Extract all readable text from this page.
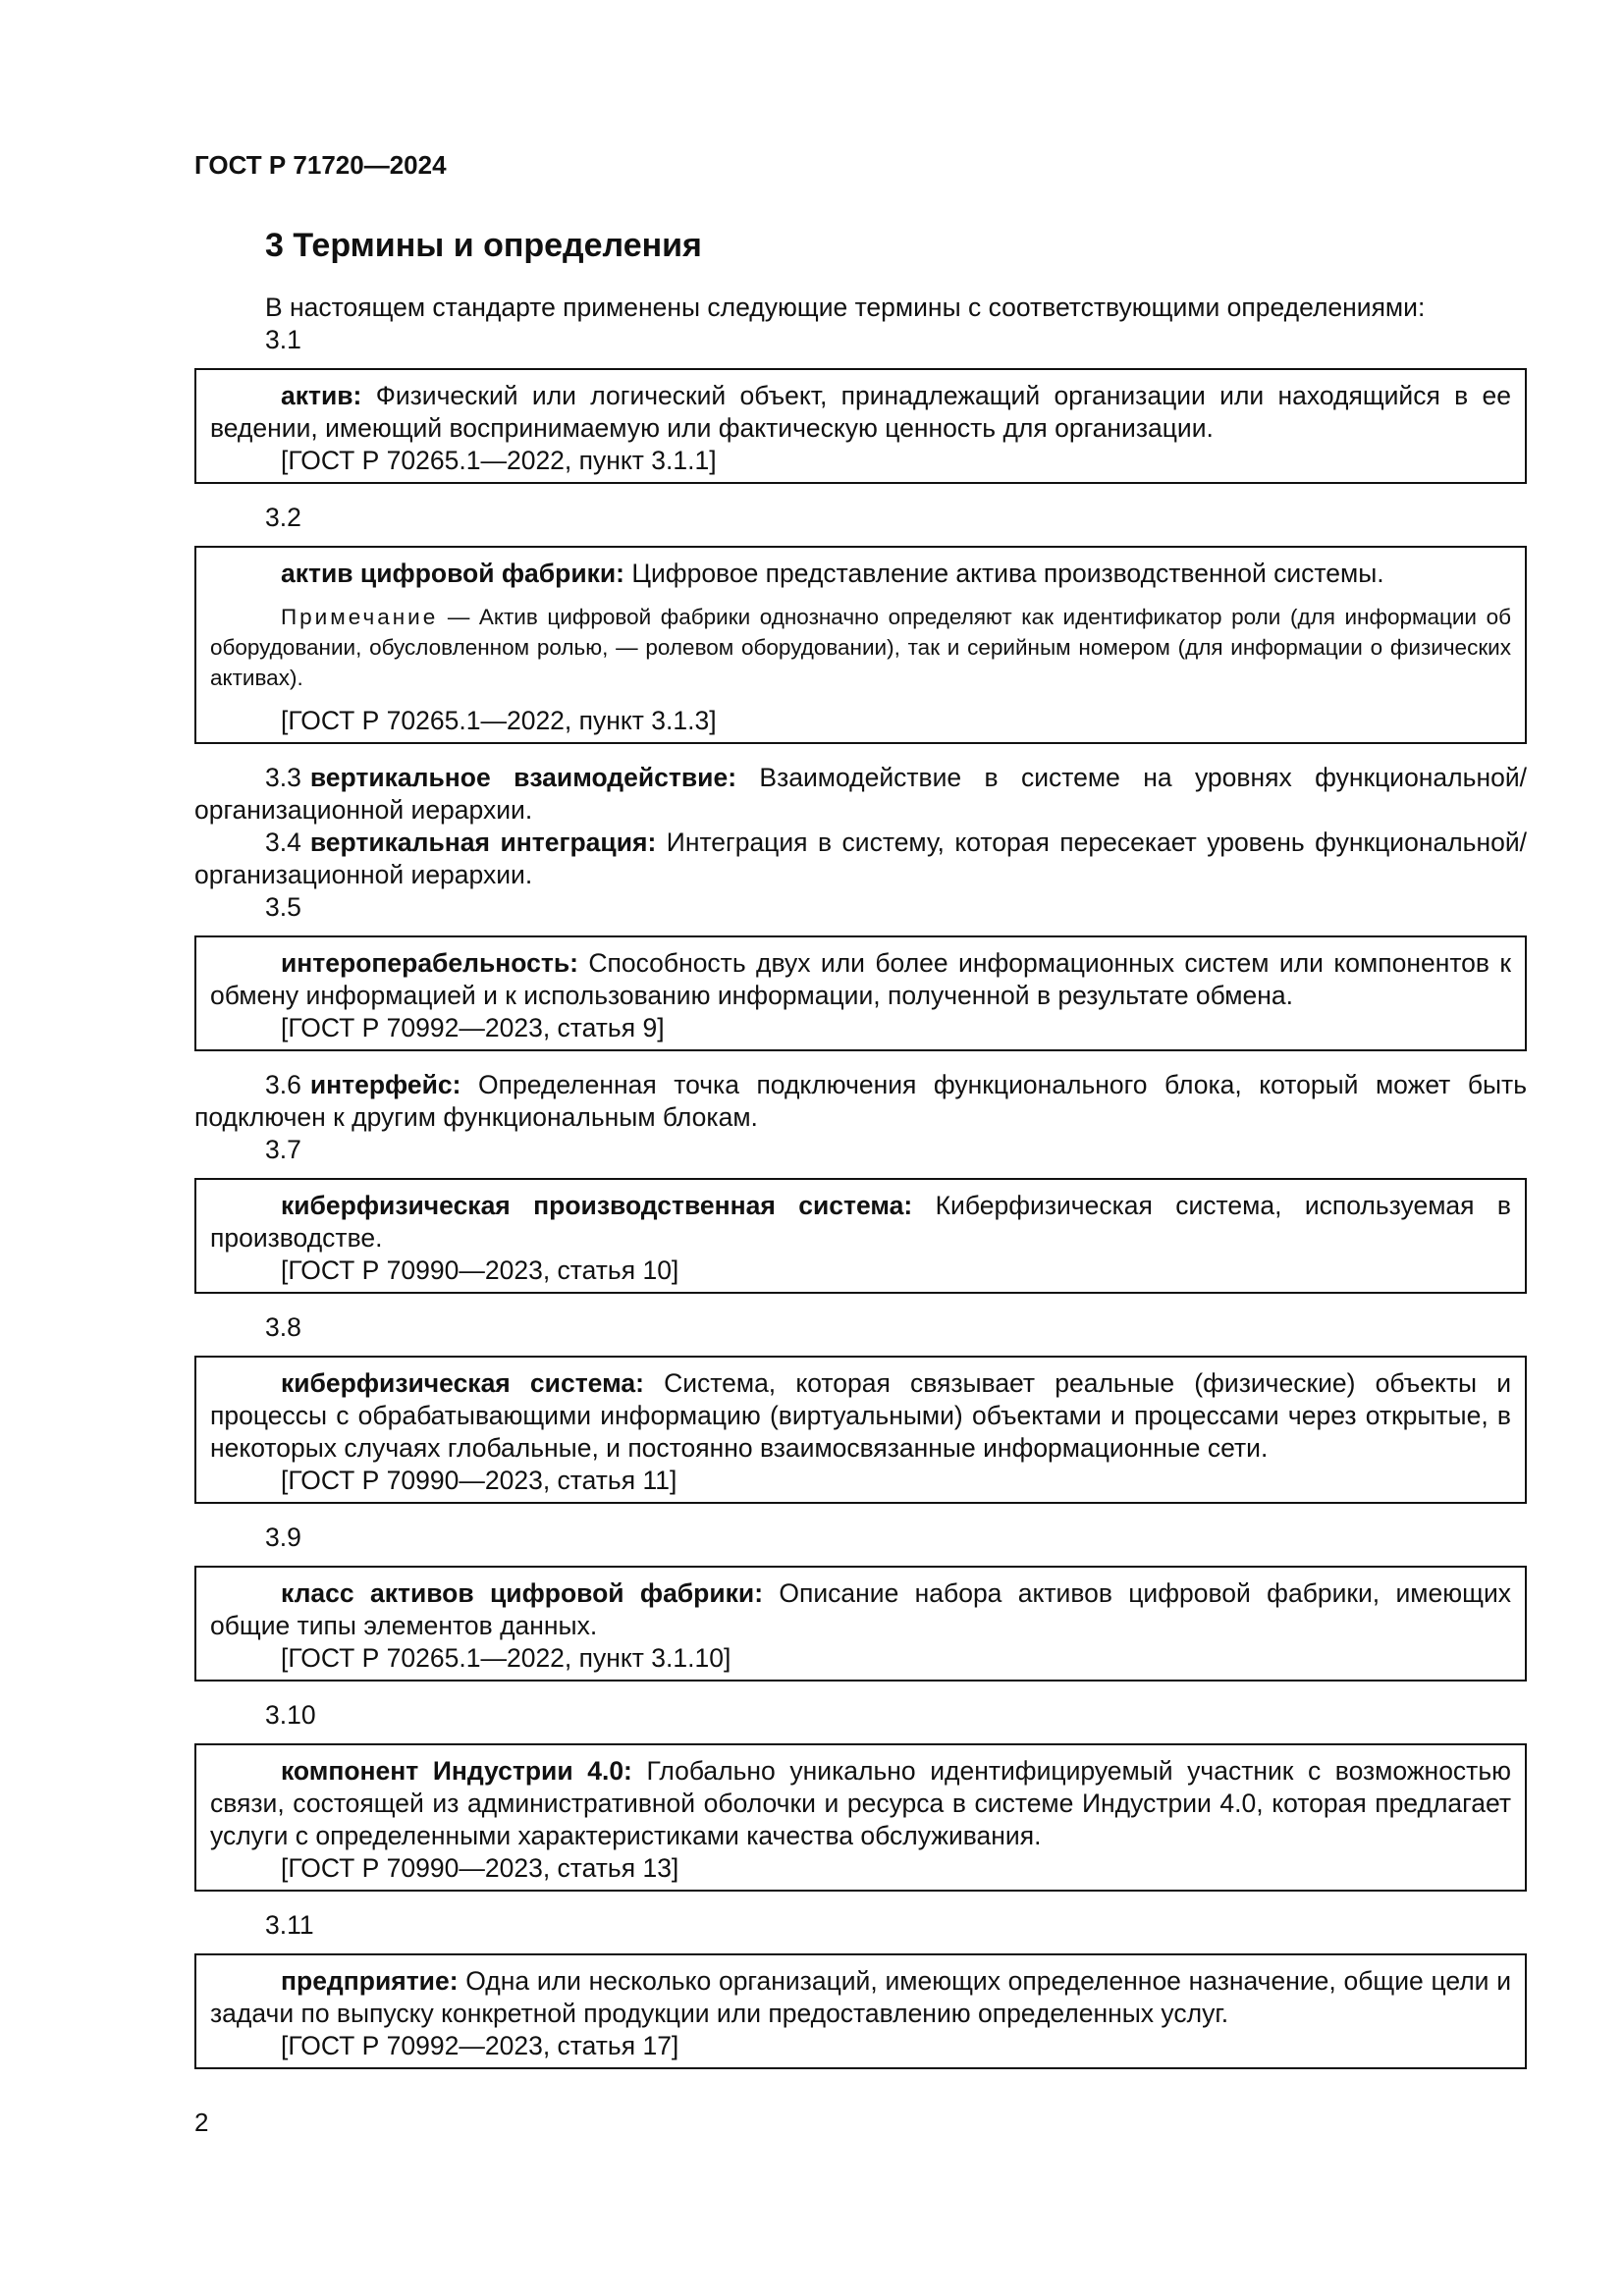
ГОСТ Р 71720—2024
3 Термины и определения

В настоящем стандарте применены следующие термины с соответствующими определениями:

3.1

актив: Физический или логический объект, принадлежащий организации или находящийся в ее ведении, имеющий воспринимаемую или фактическую ценность для организации.

[ГОСТ Р 70265.1—2022, пункт 3.1.1]

3.2

актив цифровой фабрики: Цифровое представление актива производственной системы.

Примечание — Актив цифровой фабрики однозначно определяют как идентификатор роли (для информации об оборудовании, обусловленном ролью, — ролевом оборудовании), так и серийным номером (для информации о физических активах).

[ГОСТ Р 70265.1—2022, пункт 3.1.3]

3.3 вертикальное взаимодействие: Взаимодействие в системе на уровнях функциональной/организационной иерархии.

3.4 вертикальная интеграция: Интеграция в систему, которая пересекает уровень функциональной/организационной иерархии.

3.5

интероперабельность: Способность двух или более информационных систем или компонентов к обмену информацией и к использованию информации, полученной в результате обмена.

[ГОСТ Р 70992—2023, статья 9]

3.6 интерфейс: Определенная точка подключения функционального блока, который может быть подключен к другим функциональным блокам.

3.7

киберфизическая производственная система: Киберфизическая система, используемая в производстве.

[ГОСТ Р 70990—2023, статья 10]

3.8

киберфизическая система: Система, которая связывает реальные (физические) объекты и процессы с обрабатывающими информацию (виртуальными) объектами и процессами через открытые, в некоторых случаях глобальные, и постоянно взаимосвязанные информационные сети.

[ГОСТ Р 70990—2023, статья 11]

3.9

класс активов цифровой фабрики: Описание набора активов цифровой фабрики, имеющих общие типы элементов данных.

[ГОСТ Р 70265.1—2022, пункт 3.1.10]

3.10

компонент Индустрии 4.0: Глобально уникально идентифицируемый участник с возможностью связи, состоящей из административной оболочки и ресурса в системе Индустрии 4.0, которая предлагает услуги с определенными характеристиками качества обслуживания.

[ГОСТ Р 70990—2023, статья 13]

3.11

предприятие: Одна или несколько организаций, имеющих определенное назначение, общие цели и задачи по выпуску конкретной продукции или предоставлению определенных услуг.

[ГОСТ Р 70992—2023, статья 17]

2
